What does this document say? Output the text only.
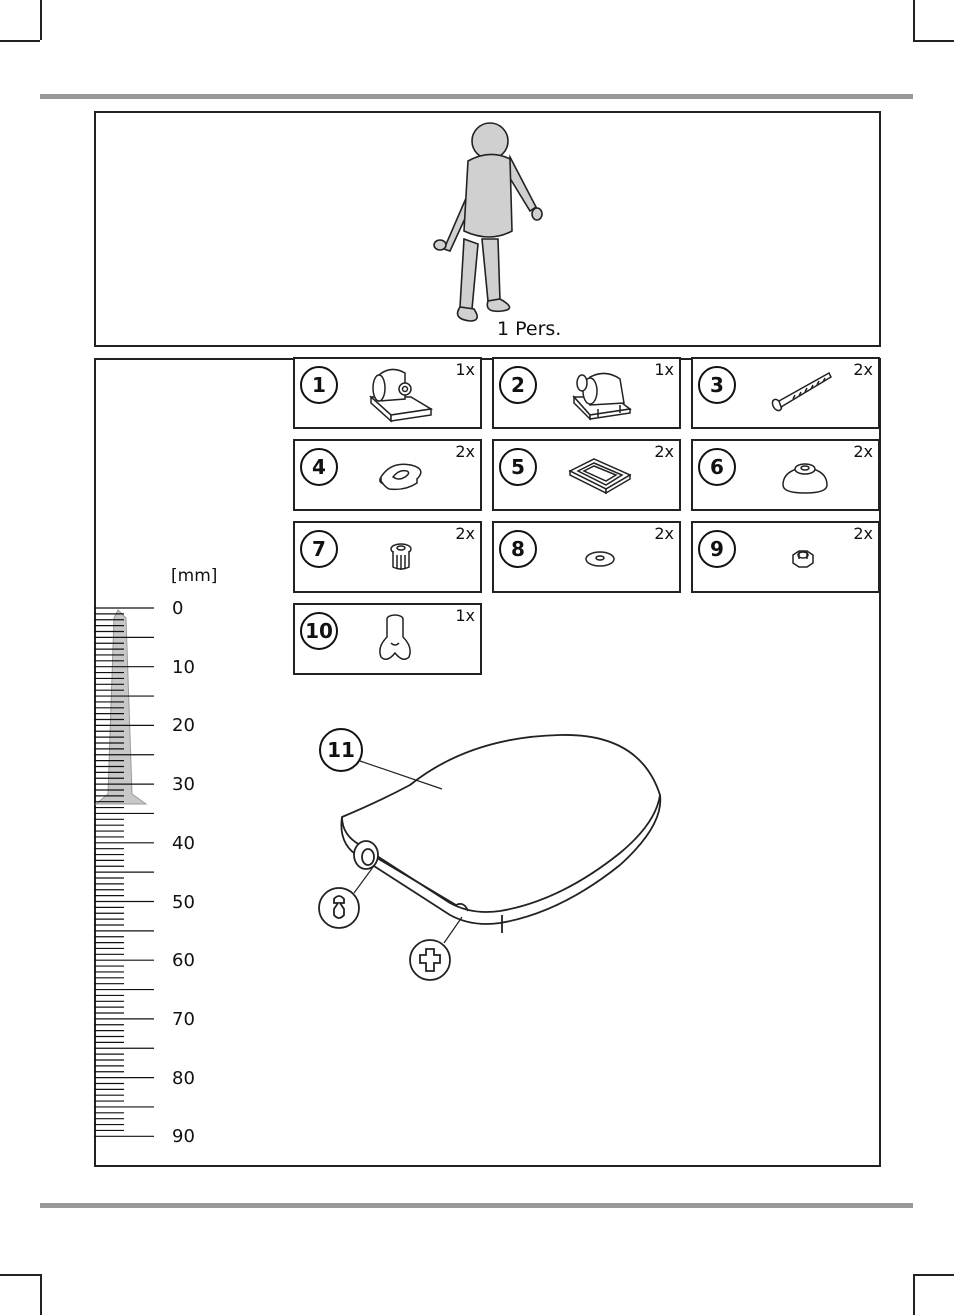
1 Pers.
1
1x
2
1x
3
2x
4
2x
5
2x
6
2x
7
2x
8
2x
9
2x
10
1x
11
[mm]
0
10
20
30
40
50
60
70
80
90
